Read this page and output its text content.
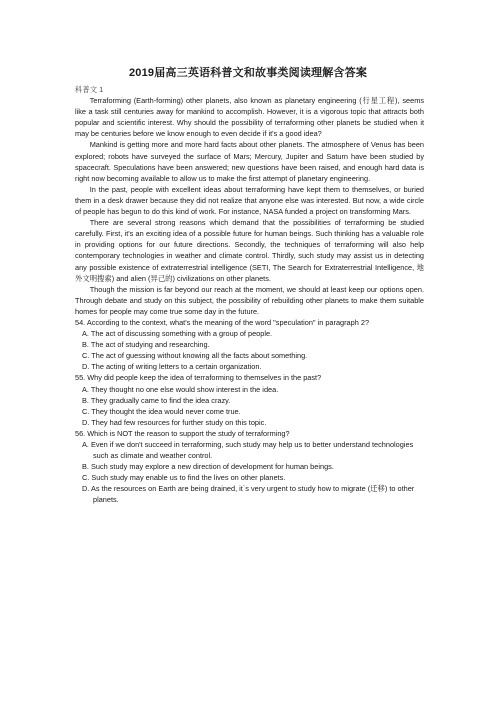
2019届高三英语科普文和故事类阅读理解含答案

科普文 1

Terraforming (Earth-forming) other planets, also known as planetary engineering (行星工程), seems like a task still centuries away for mankind to accomplish. However, it is a vigorous topic that attracts both popular and scientific interest. Why should the possibility of terraforming other planets be studied when it may be centuries before we know enough to even decide if it's a good idea?

Mankind is getting more and more hard facts about other planets. The atmosphere of Venus has been explored; robots have surveyed the surface of Mars; Mercury, Jupiter and Saturn have been studied by spacecraft. Speculations have been answered; new questions have been raised, and enough hard data is right now becoming available to allow us to make the first attempt of planetary engineering.

In the past, people with excellent ideas about terraforming have kept them to themselves, or buried them in a desk drawer because they did not realize that anyone else was interested. But now, a wide circle of people has begun to do this kind of work. For instance, NASA funded a project on transforming Mars.

There are several strong reasons which demand that the possibilities of terraforming be studied carefully. First, it's an exciting idea of a possible future for human beings. Such thinking has a valuable role in providing options for our future directions. Secondly, the techniques of terraforming will also help contemporary technologies in weather and climate control. Thirdly, such study may assist us in detecting any possible existence of extraterrestrial intelligence (SETI, The Search for Extraterrestrial Intelligence, 地外文明搜索) and alien (异己的) civilizations on other planets.

Though the mission is far beyond our reach at the moment, we should at least keep our options open. Through debate and study on this subject, the possibility of rebuilding other planets to make them suitable homes for people may come true some day in the future.

54. According to the context, what's the meaning of the word "speculation" in paragraph 2?

A. The act of discussing something with a group of people.

B. The act of studying and researching.

C. The act of guessing without knowing all the facts about something.

D. The acting of writing letters to a certain organization.

55. Why did people keep the idea of terraforming to themselves in the past?

A. They thought no one else would show interest in the idea.

B. They gradually came to find the idea crazy.

C. They thought the idea would never come true.

D. They had few resources for further study on this topic.

56. Which is NOT the reason to support the study of terraforming?

A. Even if we don't succeed in terraforming, such study may help us to better understand technologies such as climate and weather control.

B. Such study may explore a new direction of development for human beings.

C. Such study may enable us to find the lives on other planets.

D. As the resources on Earth are being drained, it`s very urgent to study how to migrate (迁移) to other planets.
